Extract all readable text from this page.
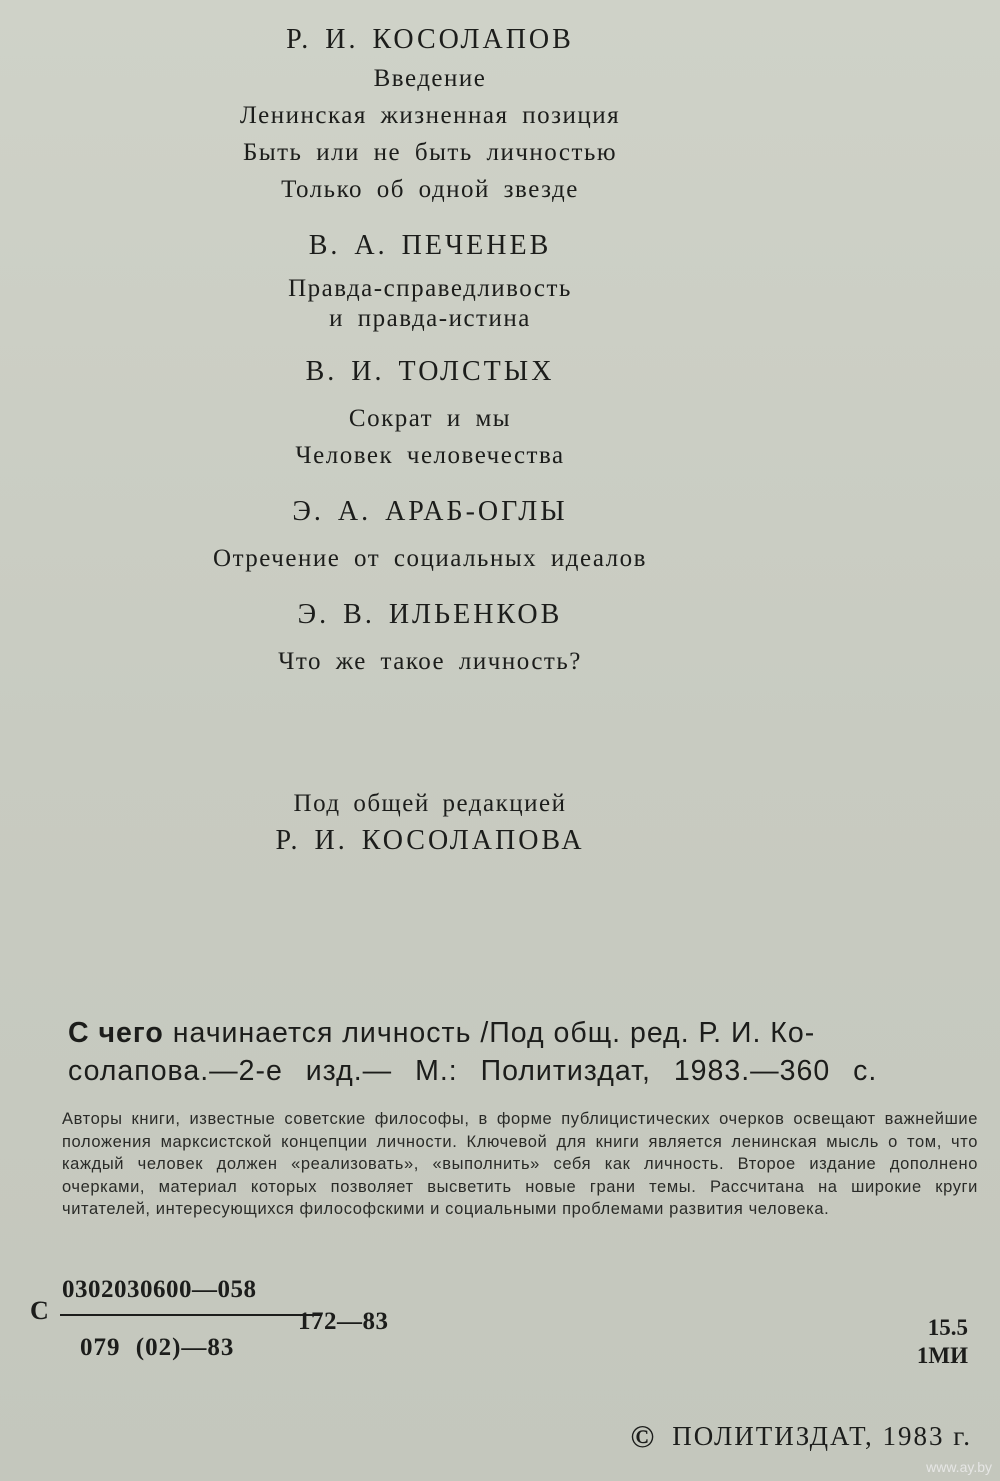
Р. И. КОСОЛАПОВ

Введение

Ленинская жизненная позиция

Быть или не быть личностью

Только об одной звезде

В. А. ПЕЧЕНЕВ

Правда-справедливость

и правда-истина

В. И. ТОЛСТЫХ

Сократ и мы

Человек человечества

Э. А. АРАБ-ОГЛЫ

Отречение от социальных идеалов

Э. В. ИЛЬЕНКОВ

Что же такое личность?

Под общей редакцией

Р. И. КОСОЛАПОВА

С чего начинается личность /Под общ. ред. Р. И. Ко-

солапова.—2-е изд.— М.: Политиздат, 1983.—360 с.

Авторы книги, известные советские философы, в форме публицистических очерков освещают важнейшие положения марксистской концепции личности. Ключевой для книги является ленинская мысль о том, что каждый человек должен «реализовать», «выполнить» себя как личность. Второе издание дополнено очерками, материал которых позволяет высветить новые грани темы. Рассчитана на широкие круги читателей, интересующихся философскими и социальными проблемами развития человека.
С
0302030600—058
172—83
079 (02)—83
15.5
1МИ
© ПОЛИТИЗДАТ, 1983 г.
www.ay.by
